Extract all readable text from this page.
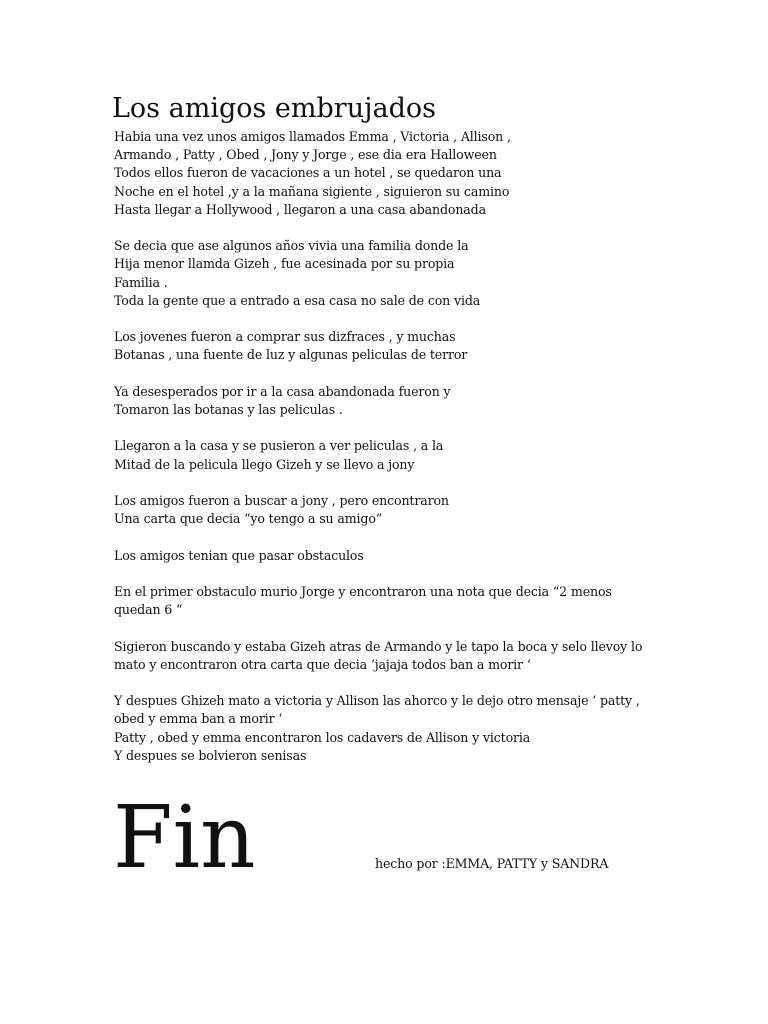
Los amigos embrujados
Habia una vez unos amigos llamados Emma , Victoria , Allison ,
Armando , Patty , Obed , Jony y Jorge , ese dia era Halloween
Todos ellos fueron de vacaciones a un hotel , se quedaron una
Noche en el hotel ,y a la mañana sigiente , siguieron su camino
Hasta llegar a Hollywood , llegaron a una casa abandonada
Se decia que ase algunos años vivia una familia donde la
Hija menor llamda Gizeh , fue acesinada por su propia
Familia .
Toda la gente que a entrado a esa casa no sale de con vida
Los jovenes fueron a comprar sus dizfraces , y muchas
Botanas , una fuente de luz y algunas peliculas de terror
Ya desesperados por ir a la casa abandonada fueron y
Tomaron las botanas y las peliculas .
Llegaron a la casa y se pusieron a ver peliculas , a la
Mitad de la pelicula llego Gizeh y se llevo a jony
Los amigos fueron a buscar a jony , pero encontraron
Una carta que decia “yo tengo a su amigo”
Los amigos tenian que pasar obstaculos
En el primer obstaculo murio Jorge y encontraron una nota que decia “2 menos
quedan 6 “
Sigieron buscando y estaba Gizeh atras de Armando y le tapo la boca y selo llevoy lo
mato y encontraron otra carta que decia ‘jajaja todos ban a morir ‘
Y despues Ghizeh mato a victoria y Allison las ahorco y le dejo otro mensaje ‘ patty ,
obed y emma ban a morir ‘
Patty , obed y emma encontraron los cadavers de Allison y victoria
Y despues se bolvieron senisas
Fin	hecho por :EMMA, PATTY y SANDRA
